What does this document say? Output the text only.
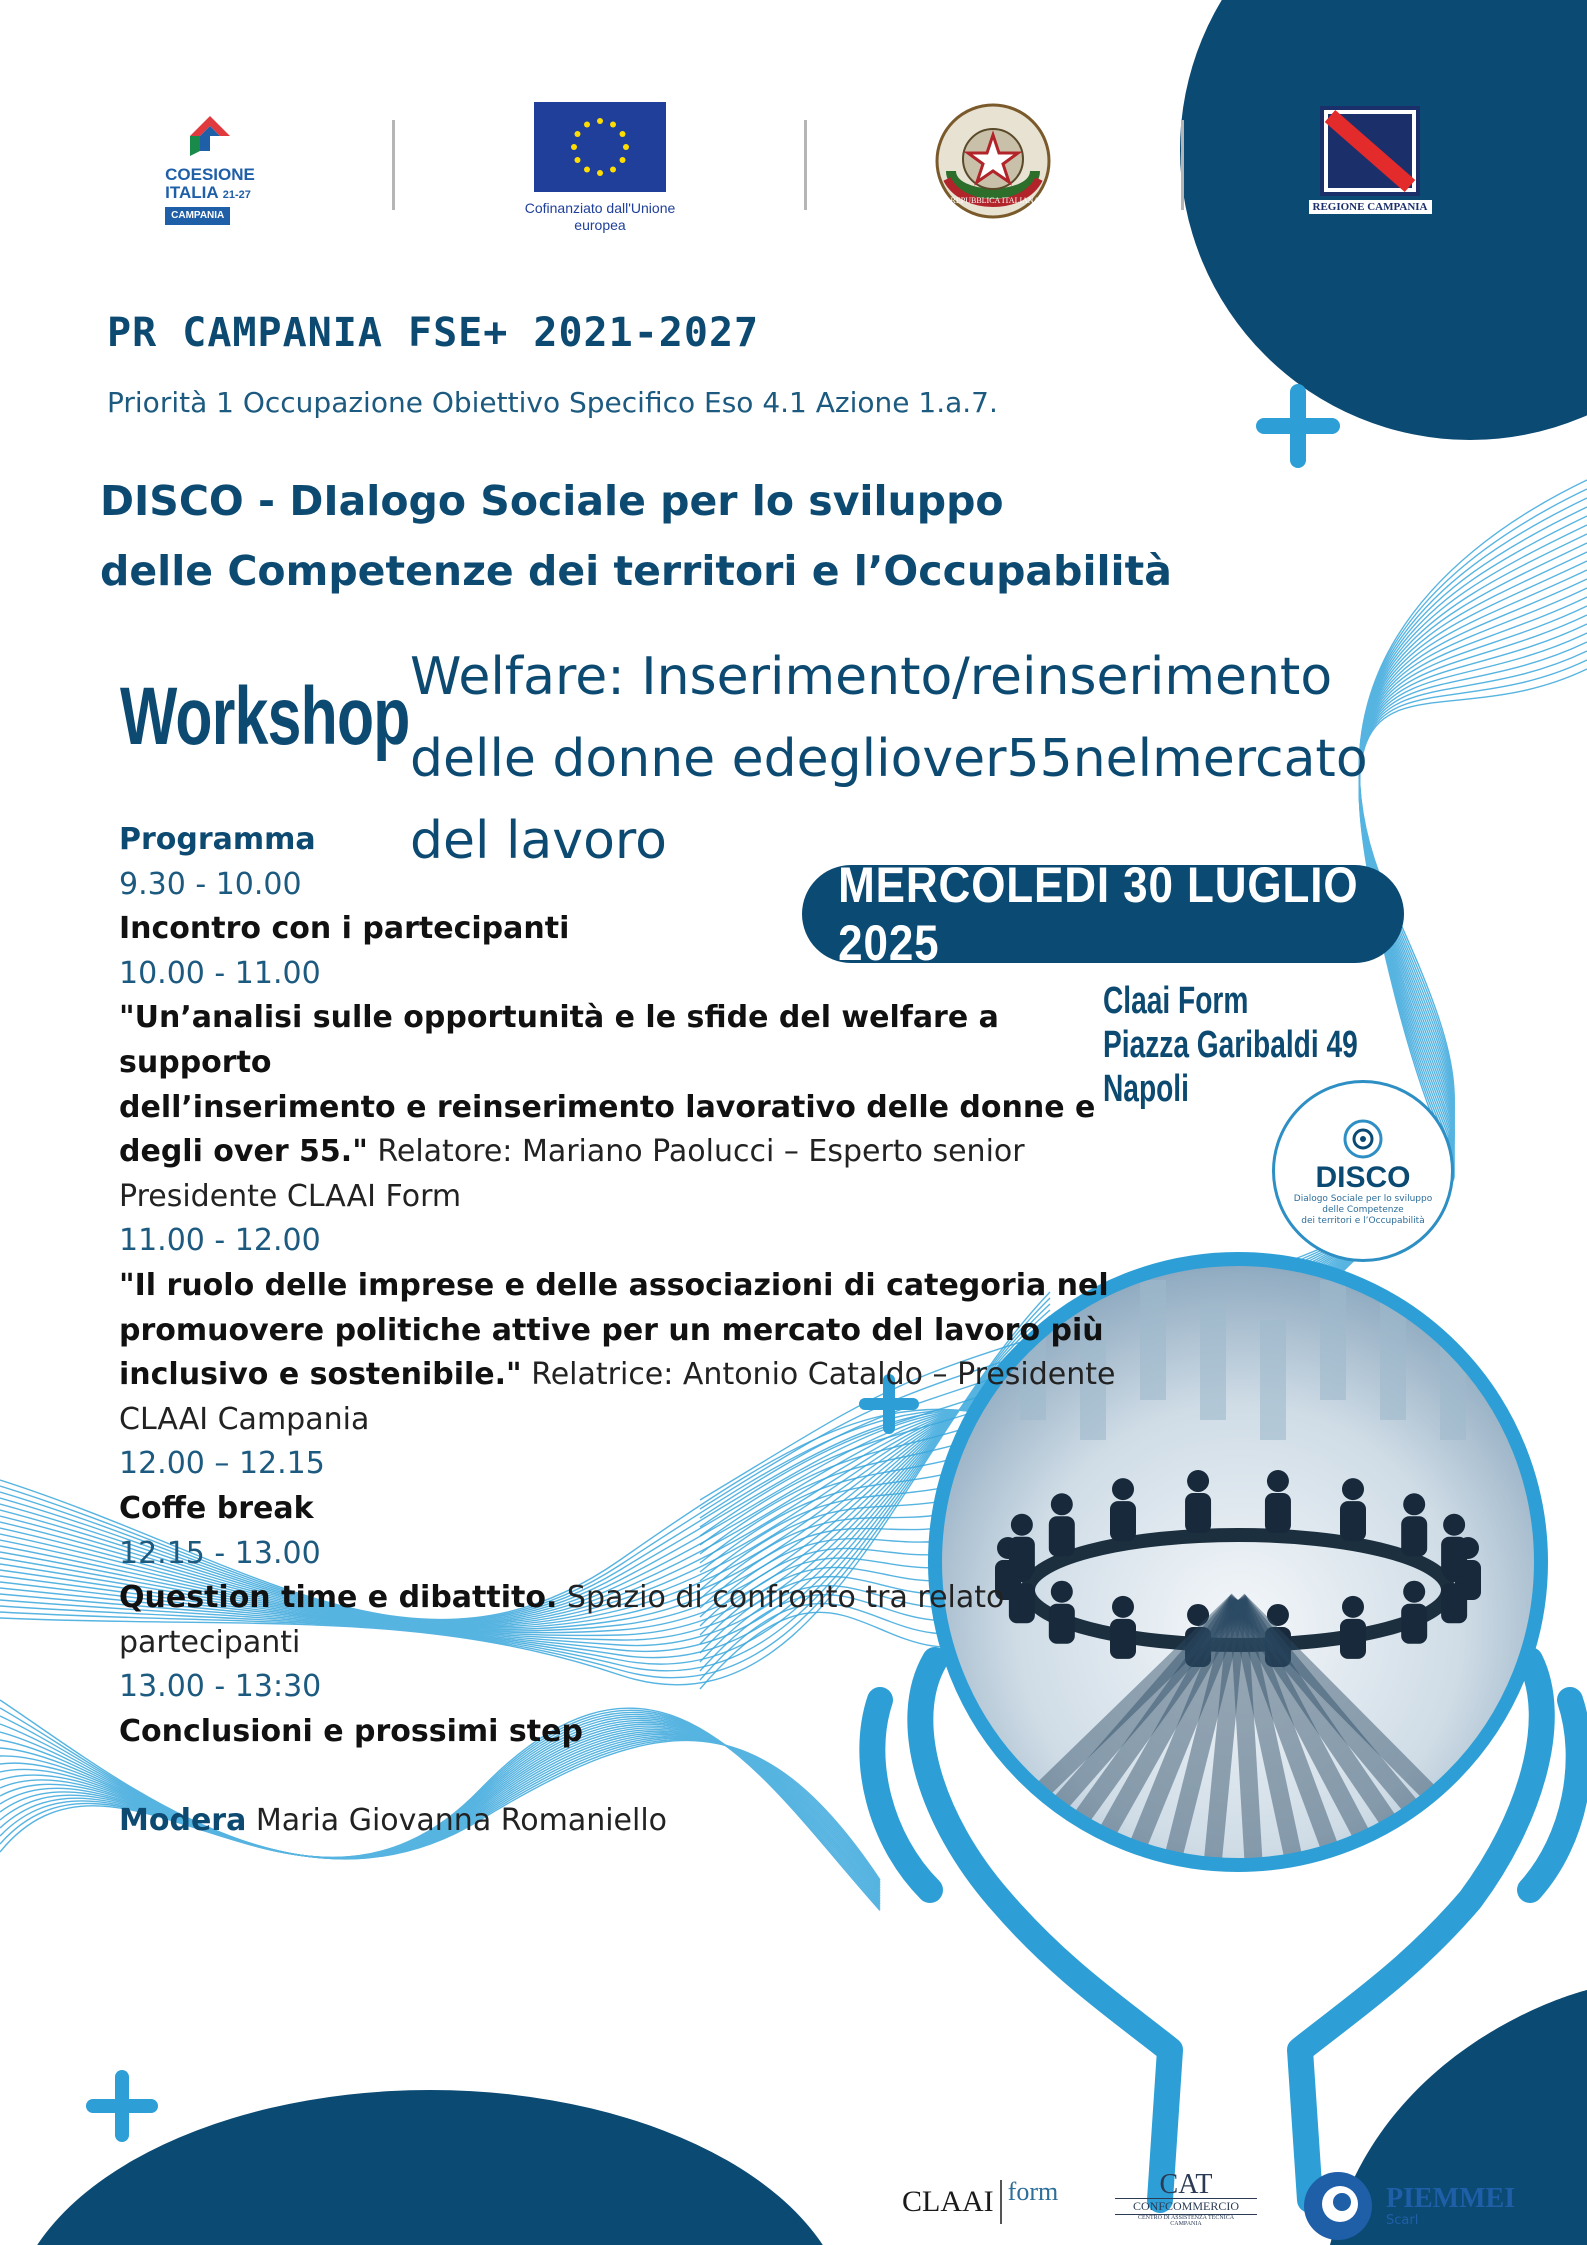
COESIONE
ITALIA 21-27
CAMPANIA	Cofinanziato dall'Unione europea
REPUBBLICA ITALIANA
REGIONE CAMPANIA
PR CAMPANIA FSE+ 2021-2027
Priorità 1 Occupazione Obiettivo Specifico Eso 4.1 Azione 1.a.7.
DISCO - DIalogo Sociale per lo sviluppo
delle Competenze dei territori e l’Occupabilità
Workshop Welfare: Inserimento/reinserimento
delle donne edegliover55nelmercato
del lavoro
MERCOLEDÌ 30 LUGLIO 2025
Claai Form
Piazza Garibaldi 49
Napoli
DISCO
Dialogo Sociale per lo sviluppo
delle Competenze
dei territori e l’Occupabilità
Programma
9.30 - 10.00
Incontro con i partecipanti
10.00 - 11.00
"Un’analisi sulle opportunità e le sfide del welfare a supporto
dell’inserimento e reinserimento lavorativo delle donne e
degli over 55." Relatore: Mariano Paolucci – Esperto senior
Presidente CLAAI Form
11.00 - 12.00
"Il ruolo delle imprese e delle associazioni di categoria nel
promuovere politiche attive per un mercato del lavoro più
inclusivo e sostenibile." Relatrice: Antonio Cataldo – Presidente
CLAAI Campania
12.00 – 12.15
Coffe break
12.15 - 13.00
Question time e dibattito. Spazio di confronto tra relato
partecipanti
13.00 - 13:30
Conclusioni e prossimi step
Modera Maria Giovanna Romaniello
CLAAI form	CAT
CONFCOMMERCIO
CENTRO DI ASSISTENZA TECNICA
CAMPANIA
PIEMMEI
Scarl
